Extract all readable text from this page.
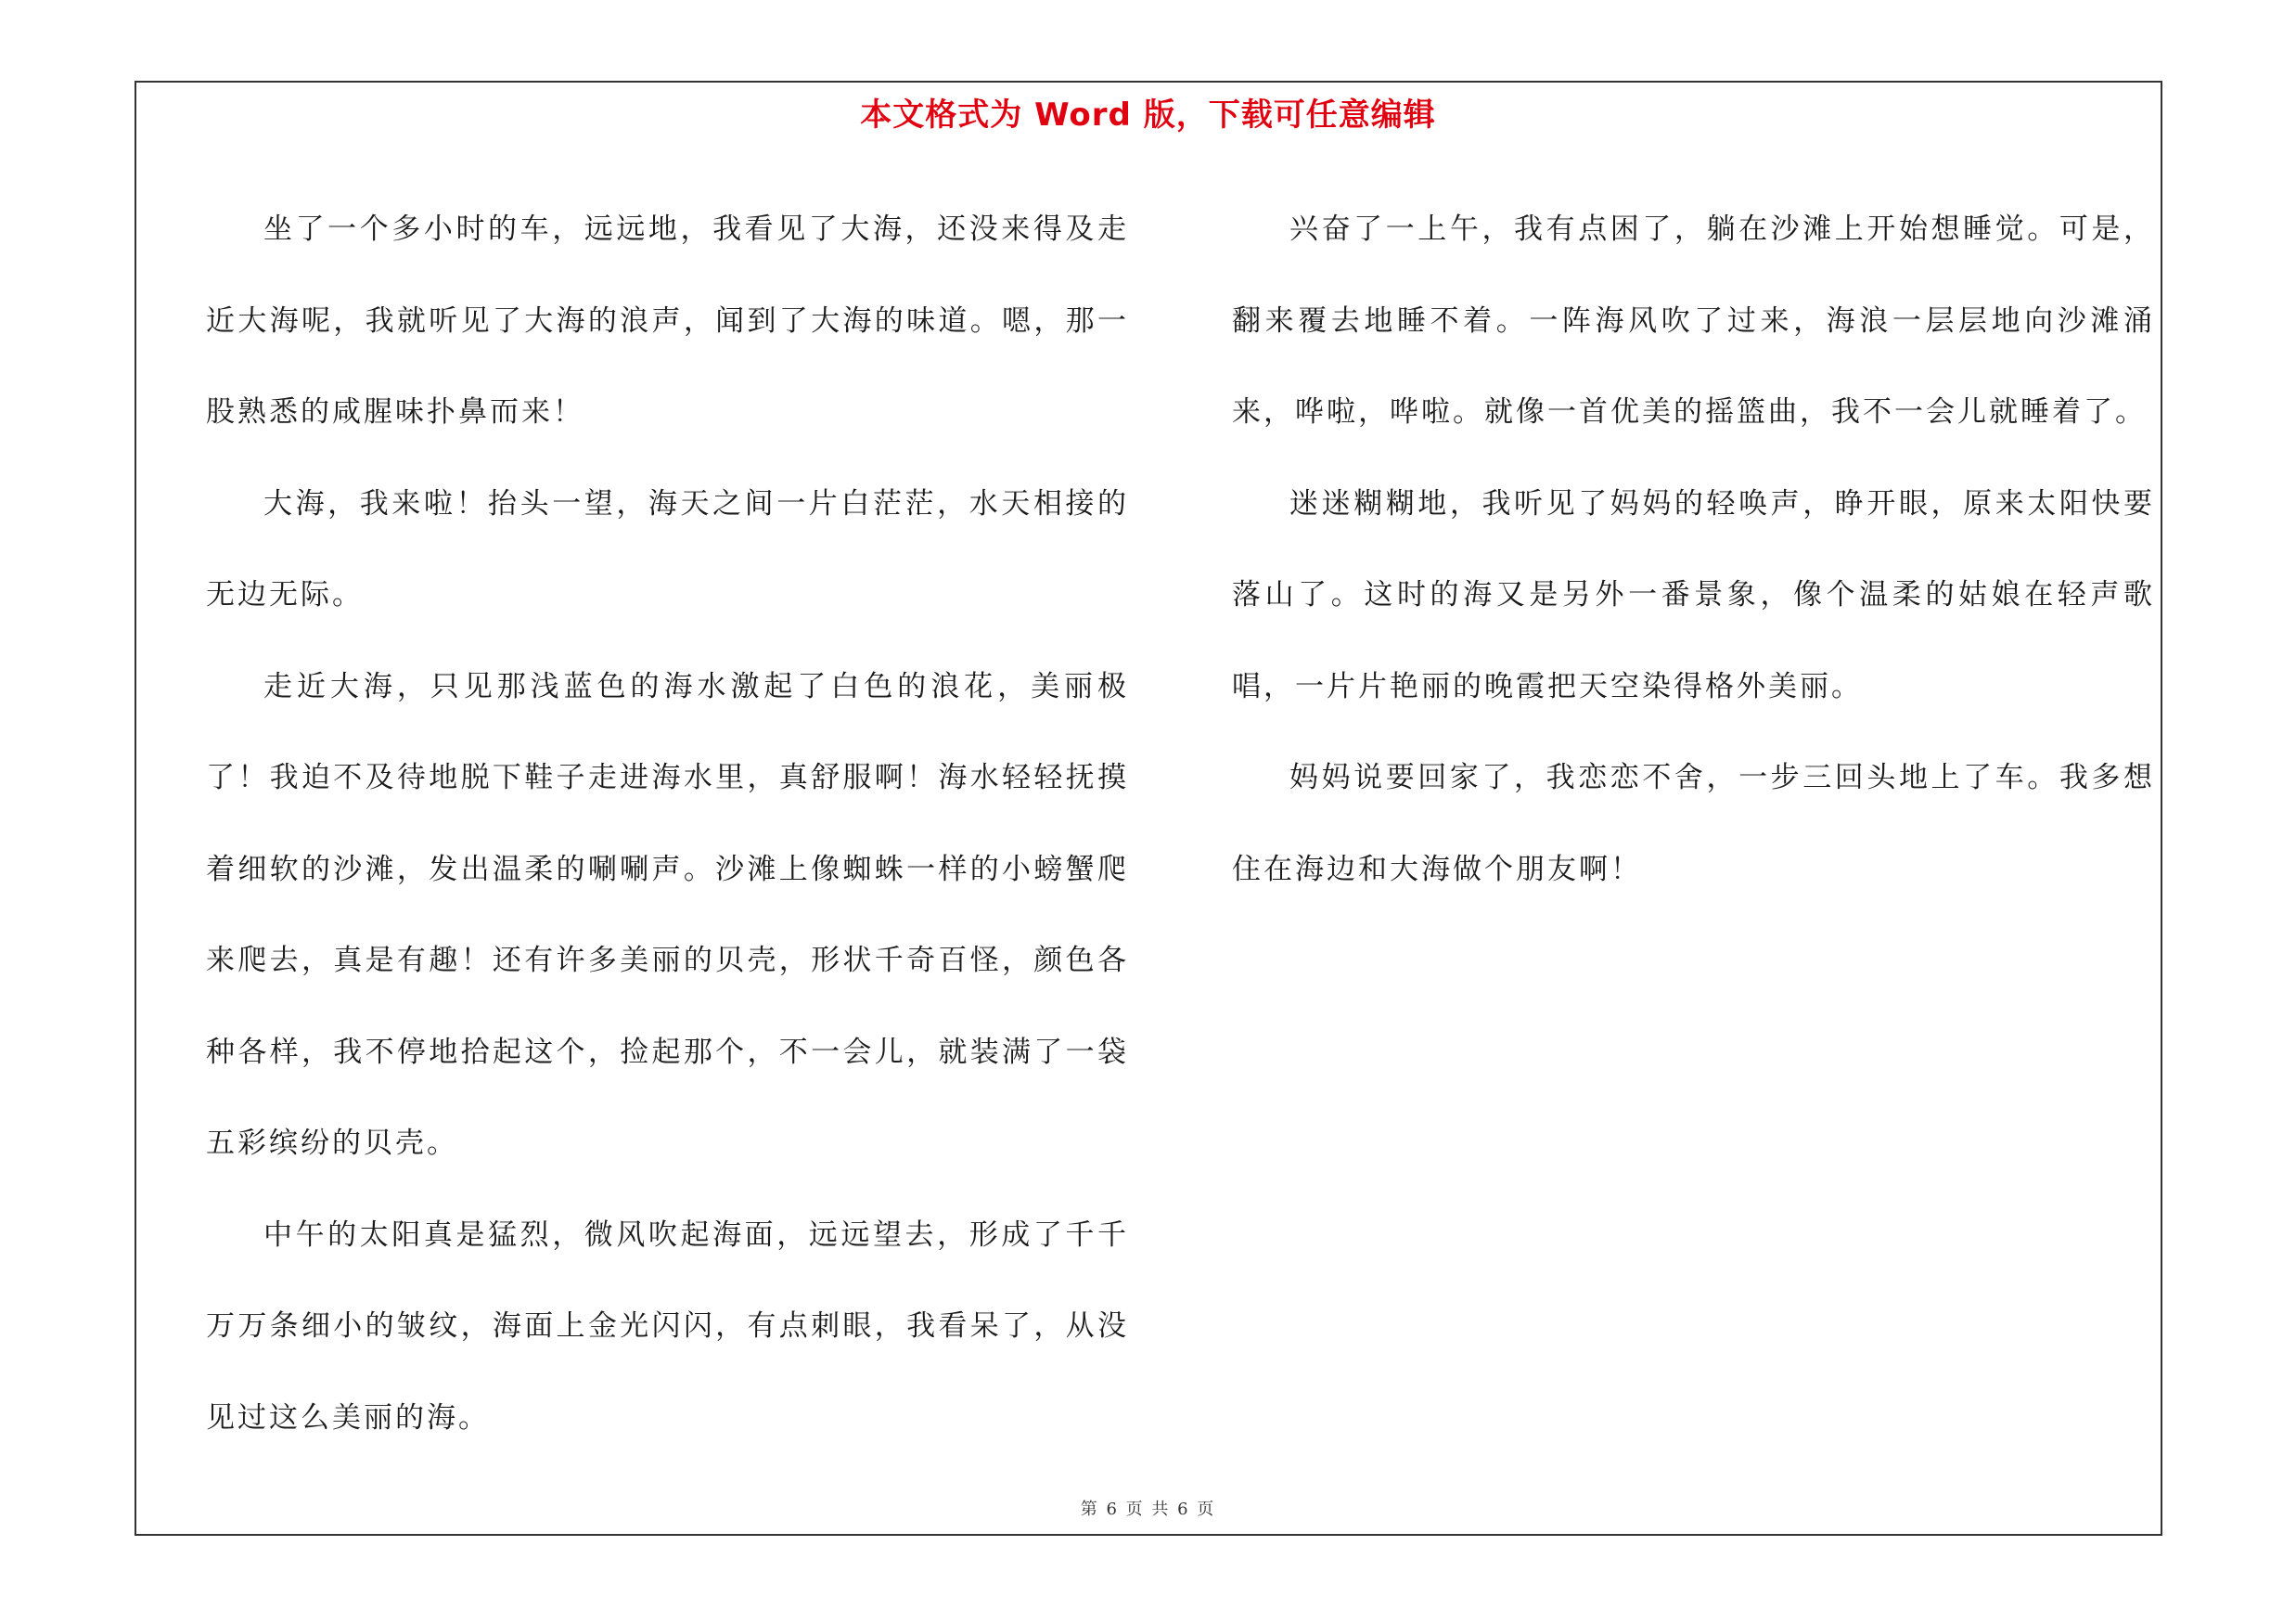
本文格式为 Word 版，下载可任意编辑

坐了一个多小时的车，远远地，我看见了大海，还没来得及走近大海呢，我就听见了大海的浪声，闻到了大海的味道。嗯，那一股熟悉的咸腥味扑鼻而来！

大海，我来啦！抬头一望，海天之间一片白茫茫，水天相接的无边无际。

走近大海，只见那浅蓝色的海水激起了白色的浪花，美丽极了！我迫不及待地脱下鞋子走进海水里，真舒服啊！海水轻轻抚摸着细软的沙滩，发出温柔的唰唰声。沙滩上像蜘蛛一样的小螃蟹爬来爬去，真是有趣！还有许多美丽的贝壳，形状千奇百怪，颜色各种各样，我不停地拾起这个，捡起那个，不一会儿，就装满了一袋五彩缤纷的贝壳。

中午的太阳真是猛烈，微风吹起海面，远远望去，形成了千千万万条细小的皱纹，海面上金光闪闪，有点刺眼，我看呆了，从没见过这么美丽的海。

兴奋了一上午，我有点困了，躺在沙滩上开始想睡觉。可是，翻来覆去地睡不着。一阵海风吹了过来，海浪一层层地向沙滩涌来，哗啦，哗啦。就像一首优美的摇篮曲，我不一会儿就睡着了。

迷迷糊糊地，我听见了妈妈的轻唤声，睁开眼，原来太阳快要落山了。这时的海又是另外一番景象，像个温柔的姑娘在轻声歌唱，一片片艳丽的晚霞把天空染得格外美丽。

妈妈说要回家了，我恋恋不舍，一步三回头地上了车。我多想住在海边和大海做个朋友啊！

第 6 页 共 6 页
